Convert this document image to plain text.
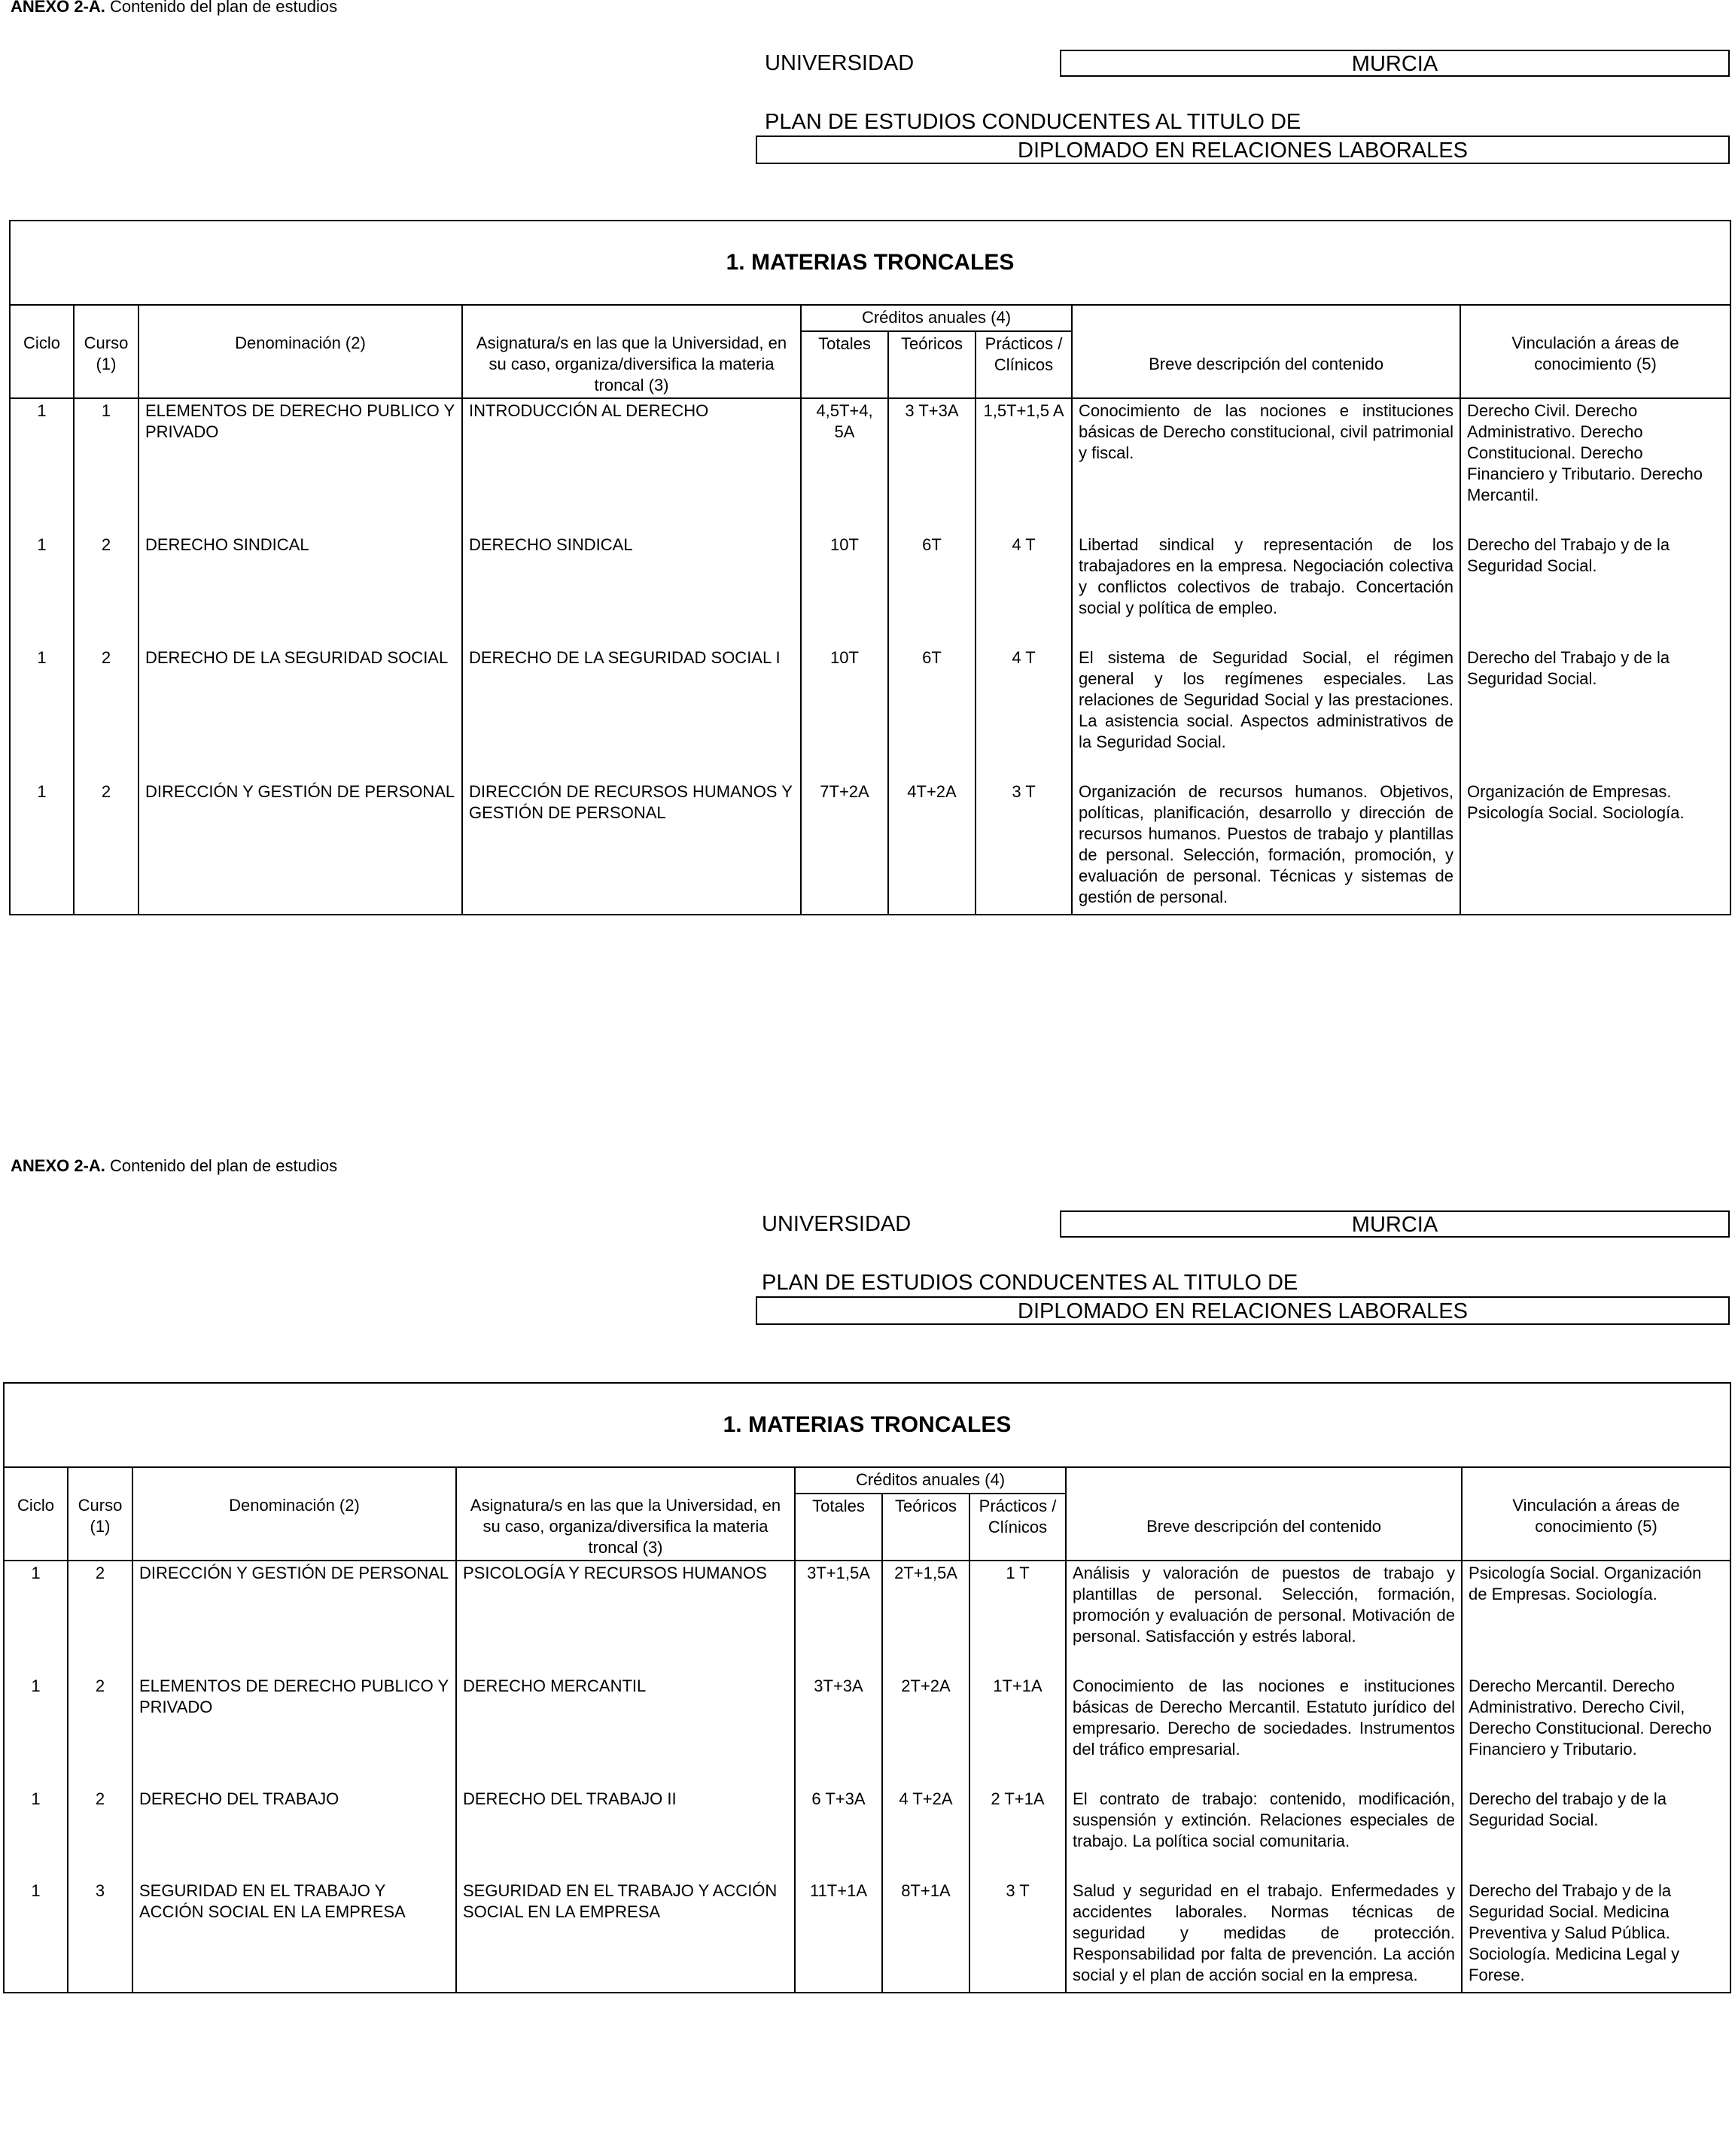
ANEXO 2-A. Contenido del plan de estudios
UNIVERSIDAD	MURCIA
PLAN DE ESTUDIOS CONDUCENTES AL TITULO DE
DIPLOMADO EN RELACIONES LABORALES
1. MATERIAS TRONCALES
				Créditos anuales (4)				
Ciclo	Curso (1)	Denominación (2)	Asignatura/s en las que la Universidad, en su caso, organiza/diversifica la materia troncal (3)	Totales	Teóricos	Prácticos / Clínicos	Breve descripción del contenido	Vinculación a áreas de conocimiento (5)
1	1	ELEMENTOS DE DERECHO PUBLICO Y PRIVADO	INTRODUCCIÓN AL DERECHO	4,5T+4, 5A	3 T+3A	1,5T+1,5 A	Conocimiento de las nociones e instituciones básicas de Derecho constitucional, civil patrimonial y fiscal.	Derecho Civil. Derecho Administrativo. Derecho Constitucional. Derecho Financiero y Tributario. Derecho Mercantil.
1	2	DERECHO SINDICAL	DERECHO SINDICAL	10T	6T	4 T	Libertad sindical y representación de los trabajadores en la empresa. Negociación colectiva y conflictos colectivos de trabajo. Concertación social y política de empleo.	Derecho del Trabajo y de la Seguridad Social.
1	2	DERECHO DE LA SEGURIDAD SOCIAL	DERECHO DE LA SEGURIDAD SOCIAL I	10T	6T	4 T	El sistema de Seguridad Social, el régimen general y los regímenes especiales. Las relaciones de Seguridad Social y las prestaciones. La asistencia social. Aspectos administrativos de la Seguridad Social.	Derecho del Trabajo y de la Seguridad Social.
1	2	DIRECCIÓN Y GESTIÓN DE PERSONAL	DIRECCIÓN DE RECURSOS HUMANOS Y GESTIÓN DE PERSONAL	7T+2A	4T+2A	3 T	Organización de recursos humanos. Objetivos, políticas, planificación, desarrollo y dirección de recursos humanos. Puestos de trabajo y plantillas de personal. Selección, formación, promoción, y evaluación de personal. Técnicas y sistemas de gestión de personal.	Organización de Empresas. Psicología Social. Sociología.
ANEXO 2-A. Contenido del plan de estudios
UNIVERSIDAD	MURCIA
PLAN DE ESTUDIOS CONDUCENTES AL TITULO DE
DIPLOMADO EN RELACIONES LABORALES
1. MATERIAS TRONCALES
				Créditos anuales (4)				
Ciclo	Curso (1)	Denominación (2)	Asignatura/s en las que la Universidad, en su caso, organiza/diversifica la materia troncal (3)	Totales	Teóricos	Prácticos / Clínicos	Breve descripción del contenido	Vinculación a áreas de conocimiento (5)
1	2	DIRECCIÓN Y GESTIÓN DE PERSONAL	PSICOLOGÍA Y RECURSOS HUMANOS	3T+1,5A	2T+1,5A	1 T	Análisis y valoración de puestos de trabajo y plantillas de personal. Selección, formación, promoción y evaluación de personal. Motivación de personal. Satisfacción y estrés laboral.	Psicología Social. Organización de Empresas. Sociología.
1	2	ELEMENTOS DE DERECHO PUBLICO Y PRIVADO	DERECHO MERCANTIL	3T+3A	2T+2A	1T+1A	Conocimiento de las nociones e instituciones básicas de Derecho Mercantil. Estatuto jurídico del empresario. Derecho de sociedades. Instrumentos del tráfico empresarial.	Derecho Mercantil. Derecho Administrativo. Derecho Civil, Derecho Constitucional. Derecho Financiero y Tributario.
1	2	DERECHO DEL TRABAJO	DERECHO DEL TRABAJO II	6 T+3A	4 T+2A	2 T+1A	El contrato de trabajo: contenido, modificación, suspensión y extinción. Relaciones especiales de trabajo. La política social comunitaria.	Derecho del trabajo y de la Seguridad Social.
1	3	SEGURIDAD EN EL TRABAJO Y ACCIÓN SOCIAL EN LA EMPRESA	SEGURIDAD EN EL TRABAJO Y ACCIÓN SOCIAL EN LA EMPRESA	11T+1A	8T+1A	3 T	Salud y seguridad en el trabajo. Enfermedades y accidentes laborales. Normas técnicas de seguridad y medidas de protección. Responsabilidad por falta de prevención. La acción social y el plan de acción social en la empresa.	Derecho del Trabajo y de la Seguridad Social. Medicina Preventiva y Salud Pública. Sociología. Medicina Legal y Forese.
